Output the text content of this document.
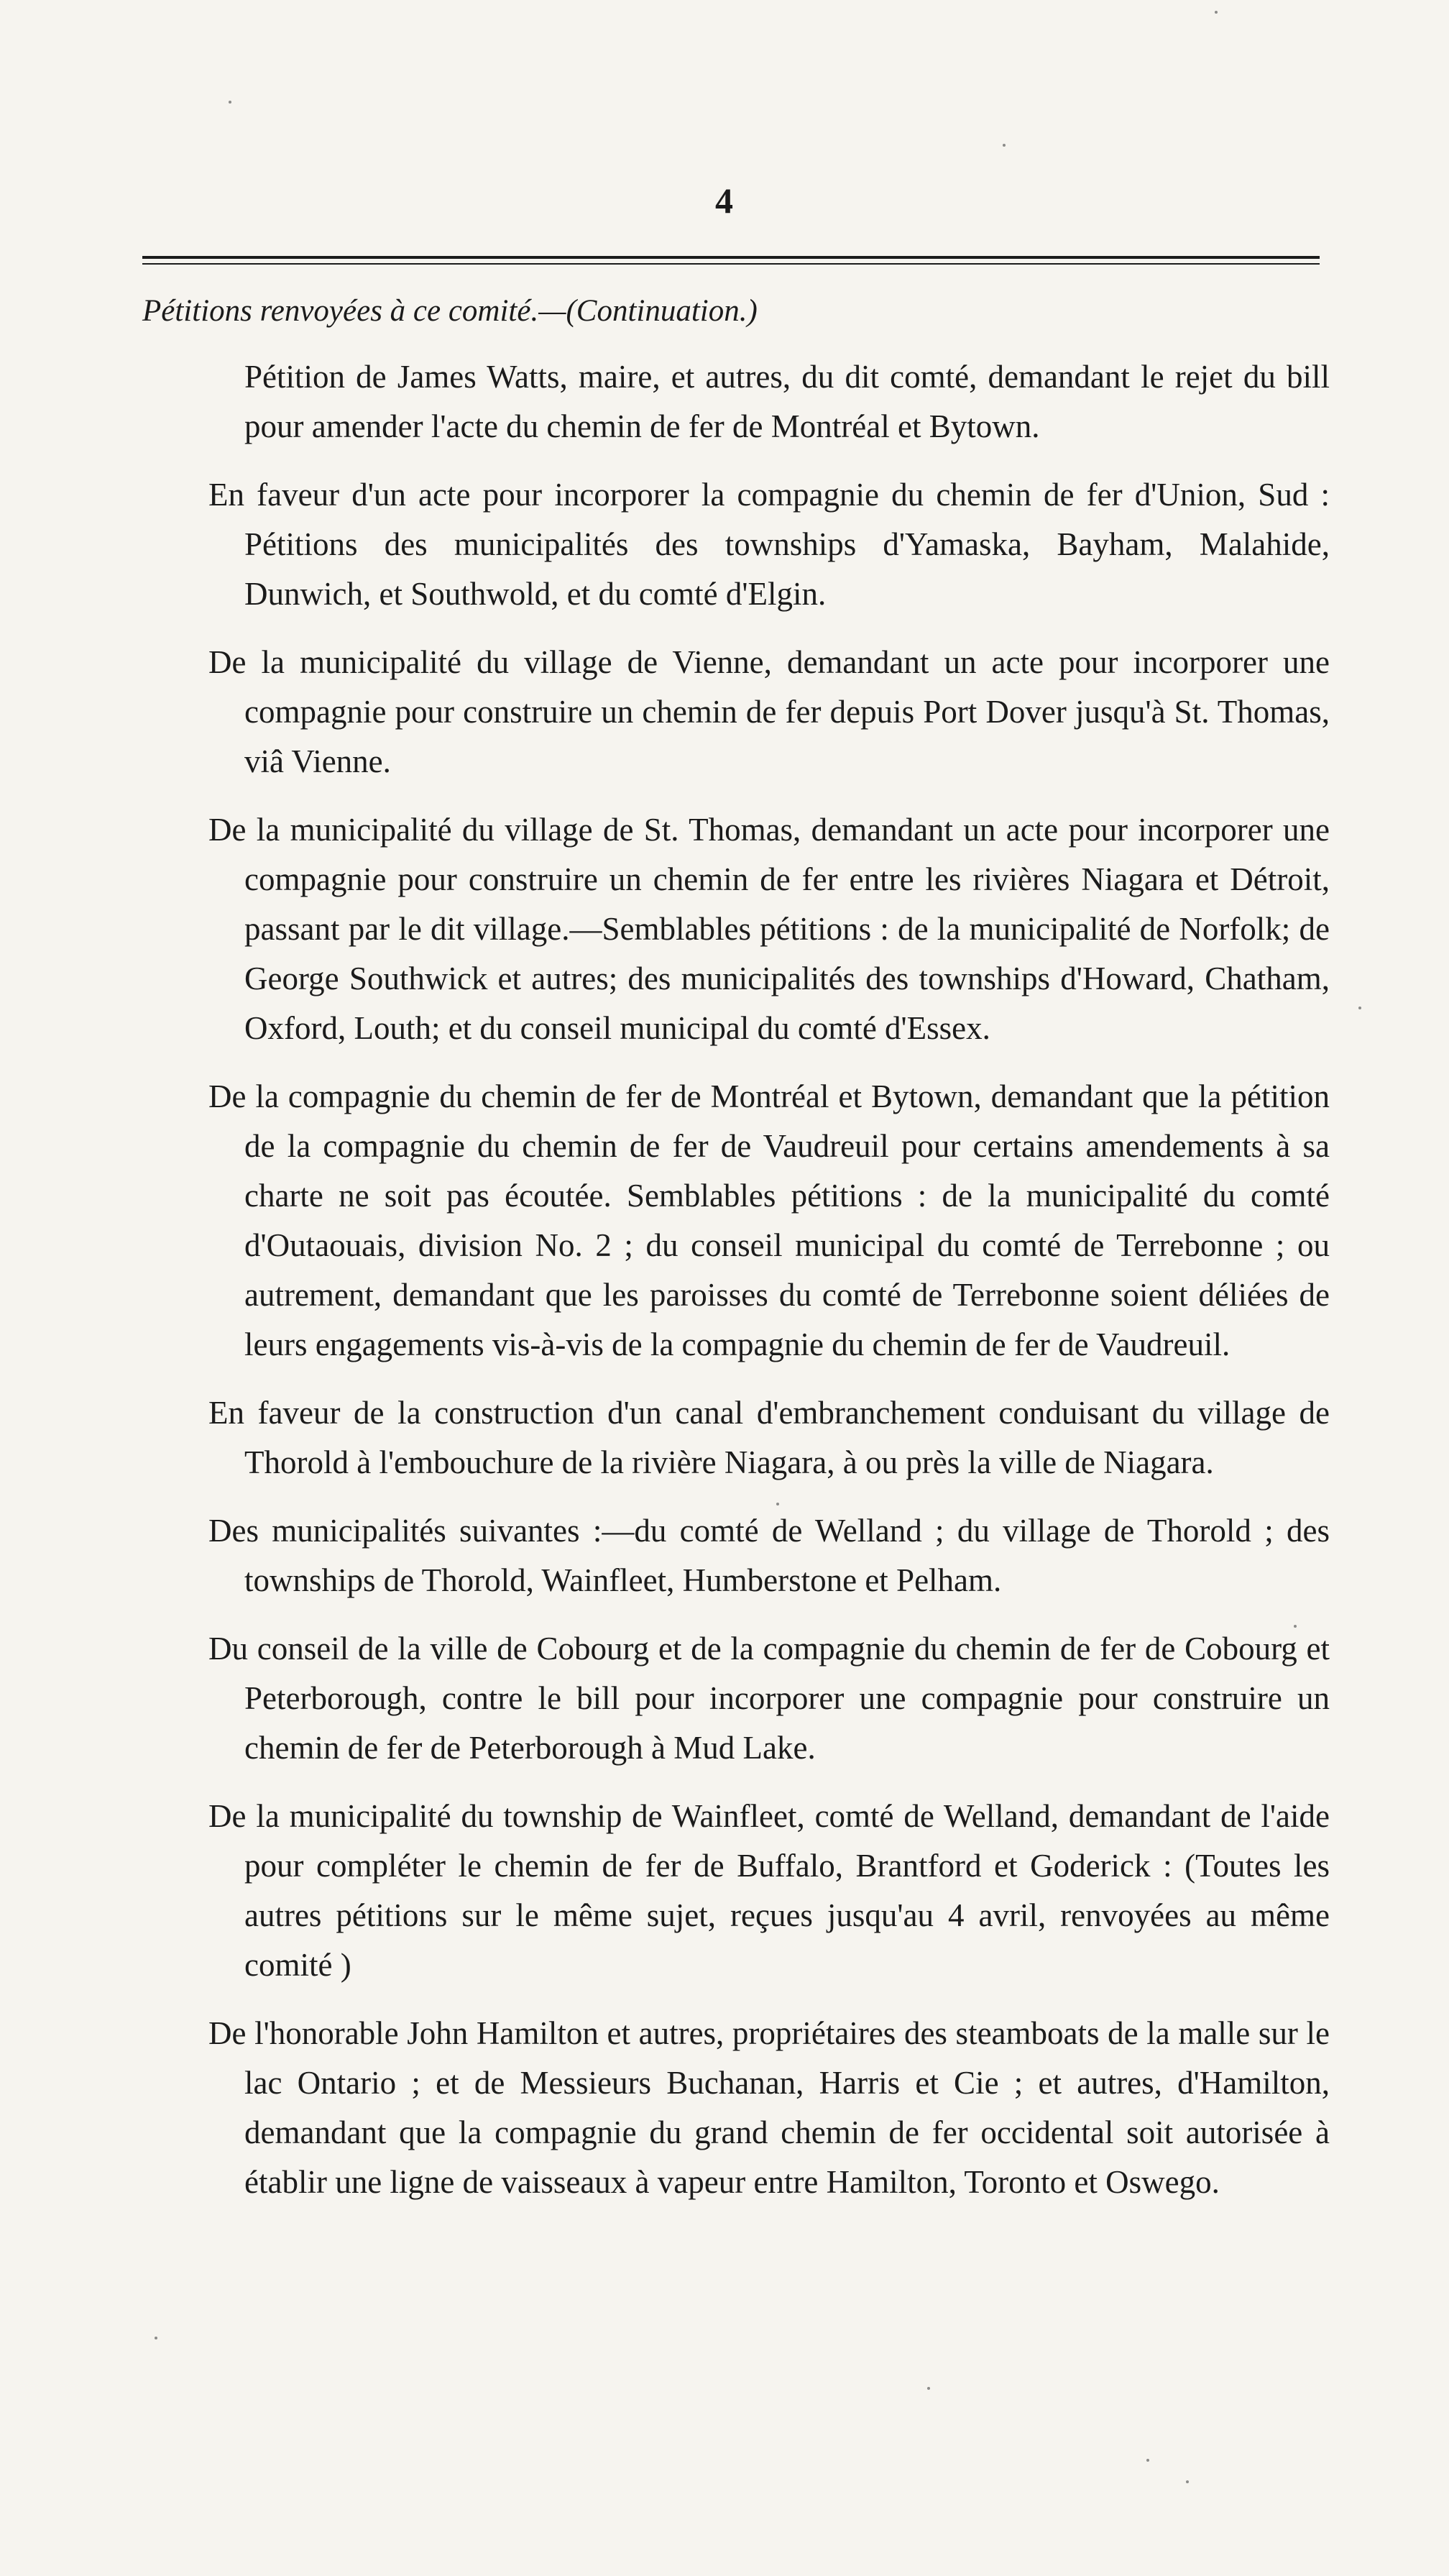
4
Pétitions renvoyées à ce comité.—(Continuation.)

Pétition de James Watts, maire, et autres, du dit comté, demandant le rejet du bill pour amender l'acte du chemin de fer de Montréal et Bytown.

En faveur d'un acte pour incorporer la compagnie du chemin de fer d'Union, Sud : Pétitions des municipalités des townships d'Yamaska, Bayham, Malahide, Dunwich, et Southwold, et du comté d'Elgin.

De la municipalité du village de Vienne, demandant un acte pour incorporer une compagnie pour construire un chemin de fer depuis Port Dover jusqu'à St. Thomas, viâ Vienne.

De la municipalité du village de St. Thomas, demandant un acte pour incorporer une compagnie pour construire un chemin de fer entre les rivières Niagara et Détroit, passant par le dit village.—Semblables pétitions : de la municipalité de Norfolk; de George Southwick et autres; des municipalités des townships d'Howard, Chatham, Oxford, Louth; et du conseil municipal du comté d'Essex.

De la compagnie du chemin de fer de Montréal et Bytown, demandant que la pétition de la compagnie du chemin de fer de Vaudreuil pour certains amendements à sa charte ne soit pas écoutée. Semblables pétitions : de la municipalité du comté d'Outaouais, division No. 2 ; du conseil municipal du comté de Terrebonne ; ou autrement, demandant que les paroisses du comté de Terrebonne soient déliées de leurs engagements vis-à-vis de la compagnie du chemin de fer de Vaudreuil.

En faveur de la construction d'un canal d'embranchement conduisant du village de Thorold à l'embouchure de la rivière Niagara, à ou près la ville de Niagara.

Des municipalités suivantes :—du comté de Welland ; du village de Thorold ; des townships de Thorold, Wainfleet, Humberstone et Pelham.

Du conseil de la ville de Cobourg et de la compagnie du chemin de fer de Cobourg et Peterborough, contre le bill pour incorporer une compagnie pour construire un chemin de fer de Peterborough à Mud Lake.

De la municipalité du township de Wainfleet, comté de Welland, demandant de l'aide pour compléter le chemin de fer de Buffalo, Brantford et Goderick : (Toutes les autres pétitions sur le même sujet, reçues jusqu'au 4 avril, renvoyées au même comité )

De l'honorable John Hamilton et autres, propriétaires des steamboats de la malle sur le lac Ontario ; et de Messieurs Buchanan, Harris et Cie ; et autres, d'Hamilton, demandant que la compagnie du grand chemin de fer occidental soit autorisée à établir une ligne de vaisseaux à vapeur entre Hamilton, Toronto et Oswego.
